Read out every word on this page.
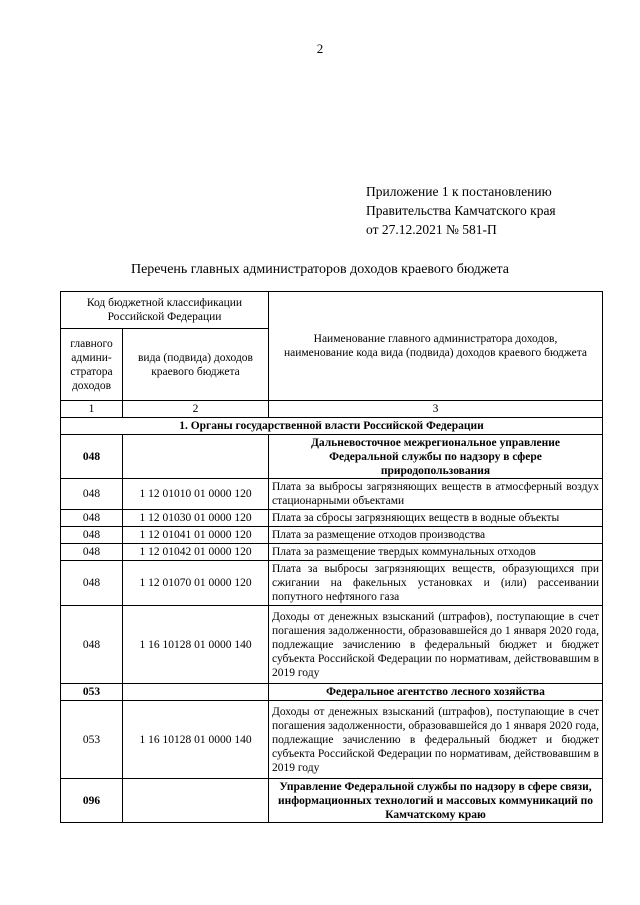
2
Приложение 1 к постановлению
Правительства Камчатского края
от 27.12.2021 № 581-П
Перечень главных администраторов доходов краевого бюджета
Код бюджетной классификации Российской Федерации		Наименование главного администратора доходов, наименование кода вида (подвида) доходов краевого бюджета
главного админи-стратора доходов	вида (подвида) доходов краевого бюджета	
1	2	3
1. Органы государственной власти Российской Федерации		
048		Дальневосточное межрегиональное управление Федеральной службы по надзору в сфере природопользования
048	1 12 01010 01 0000 120	Плата за выбросы загрязняющих веществ в атмосферный воздух стационарными объектами
048	1 12 01030 01 0000 120	Плата за сбросы загрязняющих веществ в водные объекты
048	1 12 01041 01 0000 120	Плата за размещение отходов производства
048	1 12 01042 01 0000 120	Плата за размещение твердых коммунальных отходов
048	1 12 01070 01 0000 120	Плата за выбросы загрязняющих веществ, образующихся при сжигании на факельных установках и (или) рассеивании попутного нефтяного газа
048	1 16 10128 01 0000 140	Доходы от денежных взысканий (штрафов), поступающие в счет погашения задолженности, образовавшейся до 1 января 2020 года, подлежащие зачислению в федеральный бюджет и бюджет субъекта Российской Федерации по нормативам, действовавшим в 2019 году
053		Федеральное агентство лесного хозяйства
053	1 16 10128 01 0000 140	Доходы от денежных взысканий (штрафов), поступающие в счет погашения задолженности, образовавшейся до 1 января 2020 года, подлежащие зачислению в федеральный бюджет и бюджет субъекта Российской Федерации по нормативам, действовавшим в 2019 году
096		Управление Федеральной службы по надзору в сфере связи, информационных технологий и массовых коммуникаций по Камчатскому краю
